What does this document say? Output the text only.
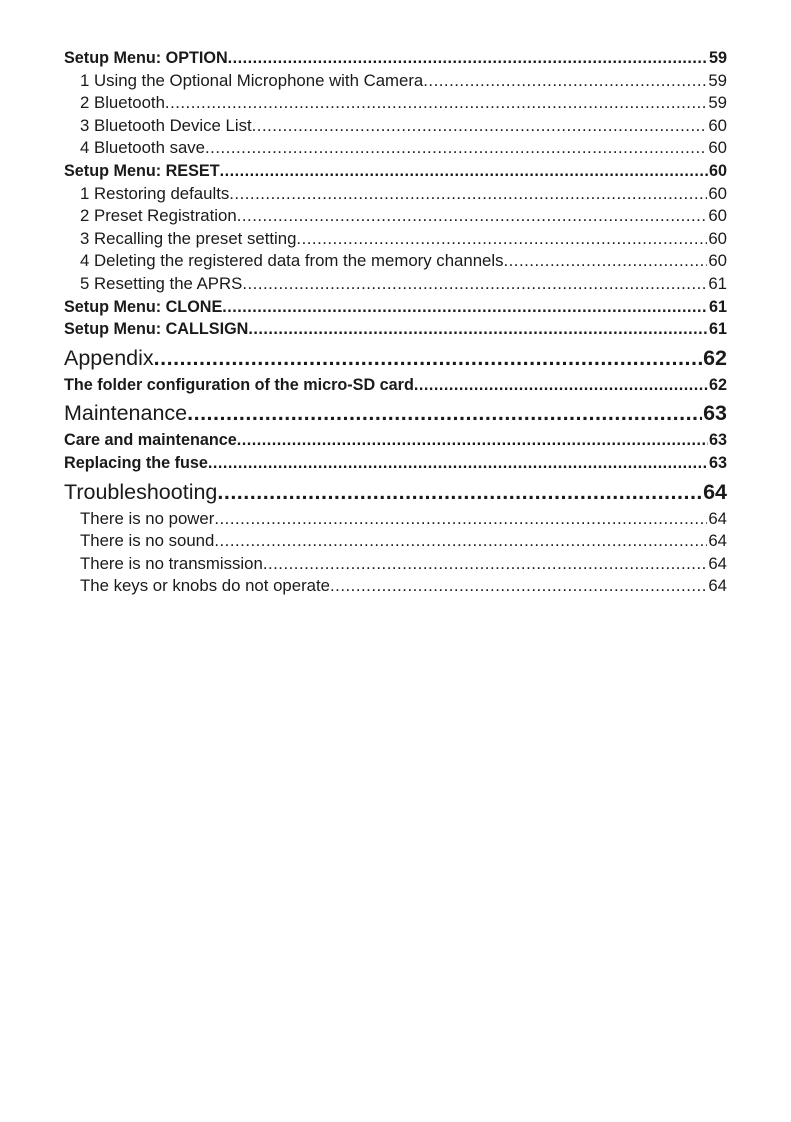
Setup Menu: OPTION .....	59
1 Using the Optional Microphone with Camera .....	59
2 Bluetooth .....	59
3 Bluetooth Device List .....	60
4 Bluetooth save .....	60
Setup Menu: RESET .....	60
1 Restoring defaults .....	60
2 Preset Registration .....	60
3 Recalling the preset setting .....	60
4 Deleting the registered data from the memory channels .....	60
5 Resetting the APRS .....	61
Setup Menu: CLONE .....	61
Setup Menu: CALLSIGN .....	61
Appendix .....	62
The folder configuration of the micro-SD card .....	62
Maintenance .....	63
Care and maintenance .....	63
Replacing the fuse .....	63
Troubleshooting .....	64
There is no power .....	64
There is no sound .....	64
There is no transmission .....	64
The keys or knobs do not operate .....	64
